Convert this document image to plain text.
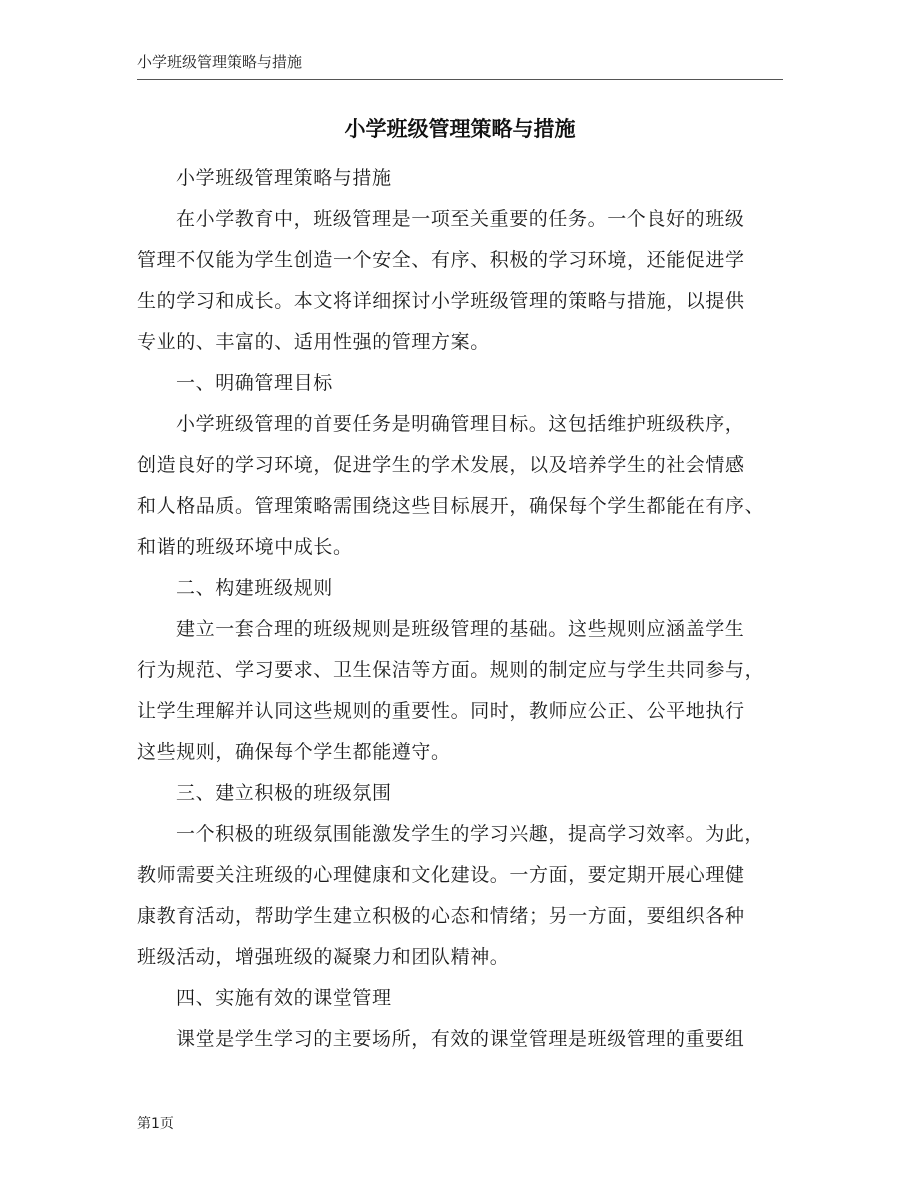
小学班级管理策略与措施
小学班级管理策略与措施
小学班级管理策略与措施
在小学教育中，班级管理是一项至关重要的任务。一个良好的班级
管理不仅能为学生创造一个安全、有序、积极的学习环境，还能促进学
生的学习和成长。本文将详细探讨小学班级管理的策略与措施，以提供
专业的、丰富的、适用性强的管理方案。
一、明确管理目标
小学班级管理的首要任务是明确管理目标。这包括维护班级秩序，
创造良好的学习环境，促进学生的学术发展，以及培养学生的社会情感
和人格品质。管理策略需围绕这些目标展开，确保每个学生都能在有序、
和谐的班级环境中成长。
二、构建班级规则
建立一套合理的班级规则是班级管理的基础。这些规则应涵盖学生
行为规范、学习要求、卫生保洁等方面。规则的制定应与学生共同参与，
让学生理解并认同这些规则的重要性。同时，教师应公正、公平地执行
这些规则，确保每个学生都能遵守。
三、建立积极的班级氛围
一个积极的班级氛围能激发学生的学习兴趣，提高学习效率。为此，
教师需要关注班级的心理健康和文化建设。一方面，要定期开展心理健
康教育活动，帮助学生建立积极的心态和情绪；另一方面，要组织各种
班级活动，增强班级的凝聚力和团队精神。
四、实施有效的课堂管理
课堂是学生学习的主要场所，有效的课堂管理是班级管理的重要组
第1页
